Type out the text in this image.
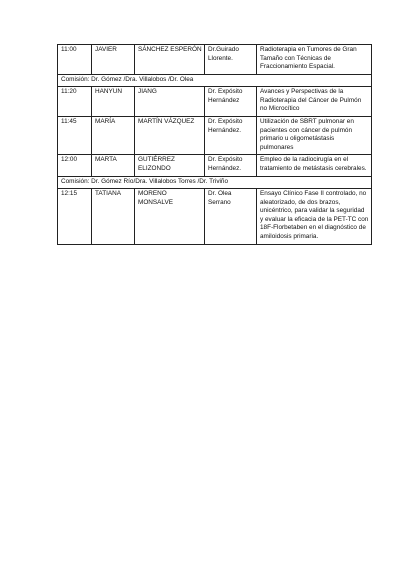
11:00	JAVIER	SÁNCHEZ ESPERÓN	Dr.Guirado Llorente.	Radioterapia en Tumores de Gran Tamaño con Técnicas de Fraccionamiento Espacial.
Comisión: Dr. Gómez /Dra. Villalobos /Dr. Olea				
11:20	HANYUN	JIANG	Dr. Expósito Hernández	Avances y Perspectivas de la Radioterapia del Cáncer de Pulmón no Microcítico
11:45	MARÍA	MARTÍN VÁZQUEZ	Dr. Expósito Hernández.	Utilización de SBRT pulmonar en pacientes con cáncer de pulmón primario u oligometástasis pulmonares
12:00	MARTA	GUTIÉRREZ ELIZONDO	Dr. Expósito Hernández.	Empleo de la radiocirugía en el tratamiento de metástasis cerebrales.
Comisión: Dr. Gómez Río/Dra. Villalobos Torres /Dr. Triviño				
12:15	TATIANA	MORENO MONSALVE	Dr. Olea Serrano	Ensayo Clínico Fase II controlado, no aleatorizado, de dos brazos, unicéntrico, para validar la seguridad y evaluar la eficacia de la PET-TC con 18F-Florbetaben en el diagnóstico de amiloidosis primaria.
